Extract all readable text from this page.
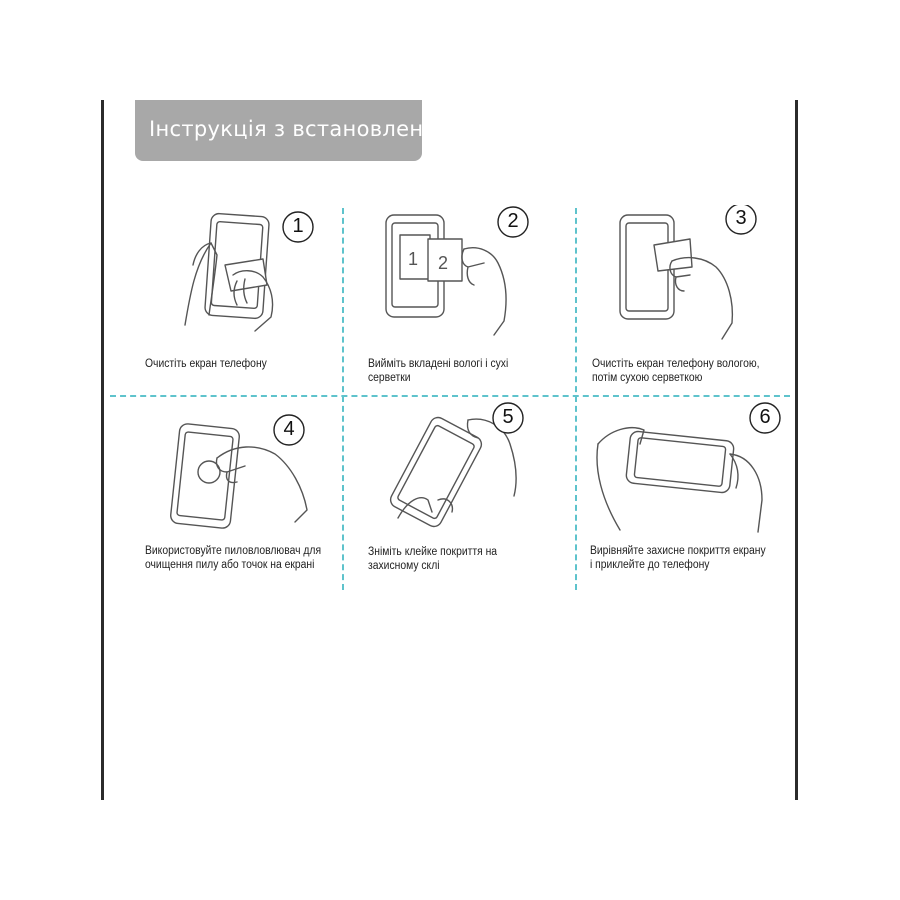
Інструкція з встановлення
1
Очистіть екран телефону
1 2
2
Вийміть вкладені вологі і сухі
серветки
3
Очистіть екран телефону вологою,
потім сухою серветкою
4
Використовуйте пиловловлювач для
очищення пилу або точок на екрані
5
Зніміть клейке покриття на
захисному склі
6
Вирівняйте захисне покриття екрану
і приклейте до телефону
